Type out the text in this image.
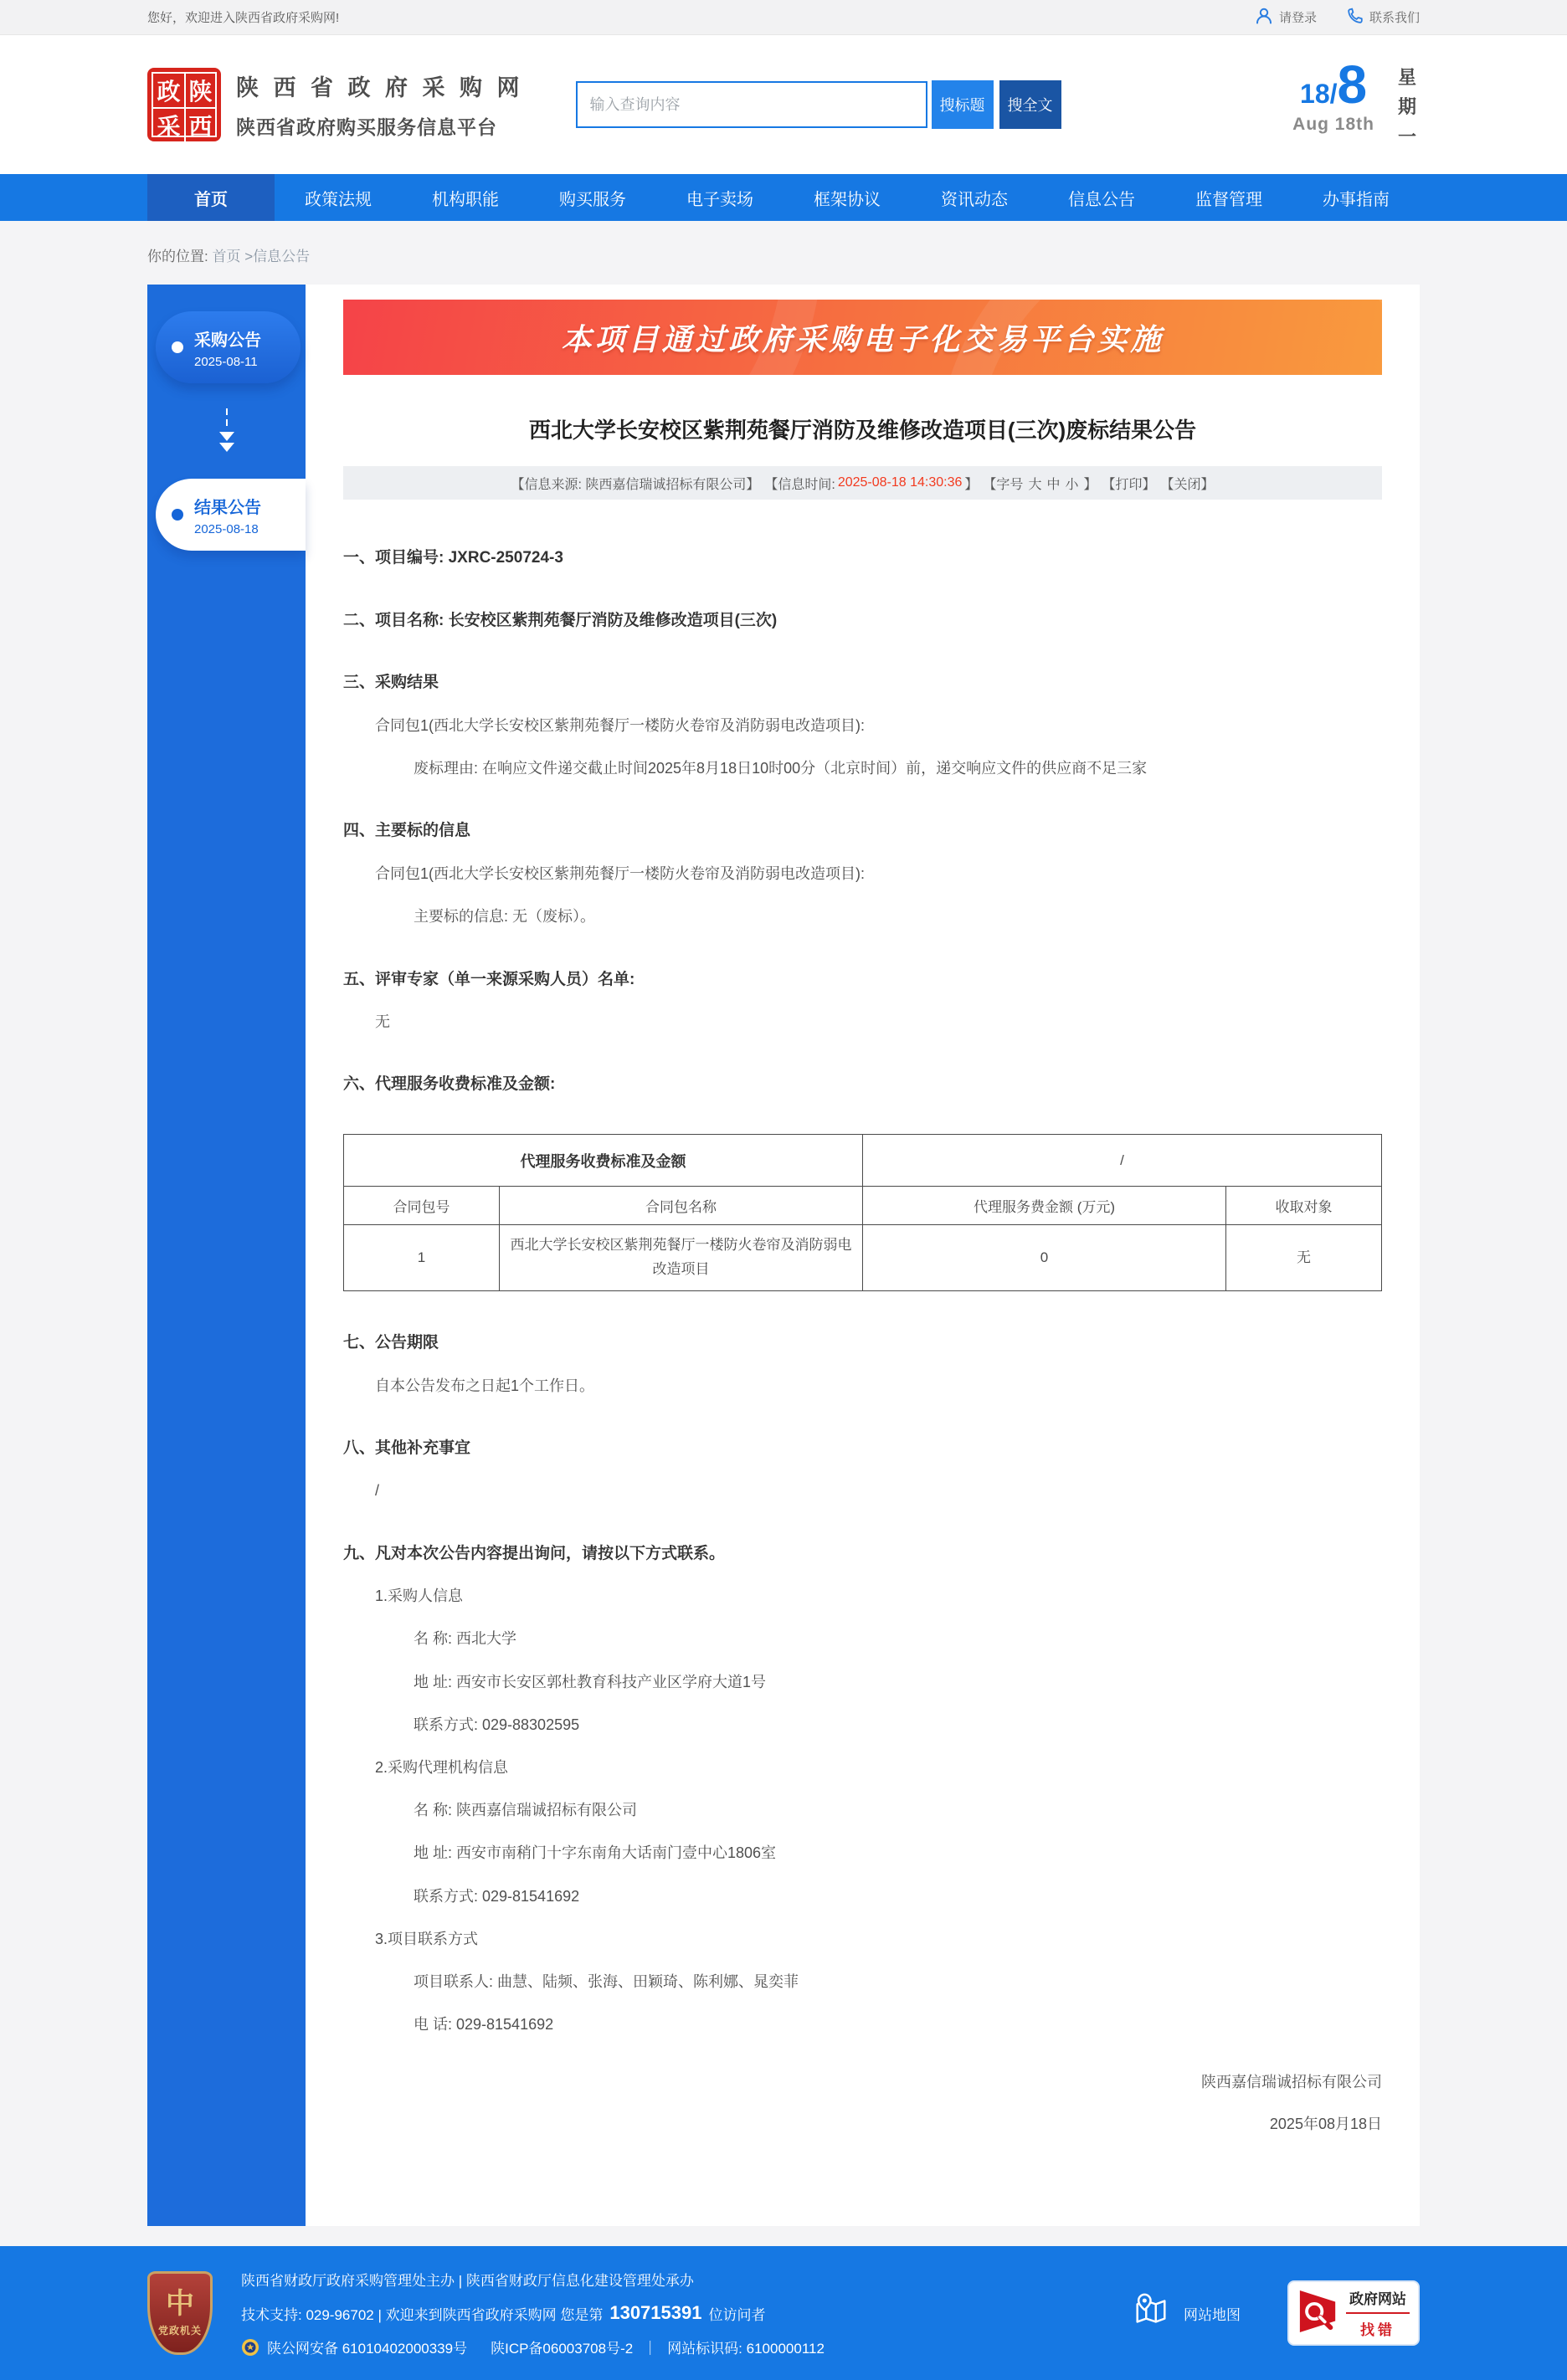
您好，欢迎进入陕西省政府采购网!	请登录	联系我们
政 陕
采 西
陕 西 省 政 府 采 购 网
陕西省政府购买服务信息平台
输入查询内容
搜标题	搜全文	18 / 8
Aug 18th
星期一
首页	政策法规	机构职能	购买服务	电子卖场	框架协议	资讯动态	信息公告	监督管理	办事指南
你的位置: 首页 >信息公告
采购公告
2025-08-11
结果公告
2025-08-18
本项目通过政府采购电子化交易平台实施
西北大学长安校区紫荆苑餐厅消防及维修改造项目(三次)废标结果公告
【信息来源: 陕西嘉信瑞诚招标有限公司】 【信息时间: 2025-08-18 14:30:36 】 【字号 大 中 小 】 【打印】 【关闭】
一、项目编号: JXRC-250724-3
二、项目名称: 长安校区紫荆苑餐厅消防及维修改造项目(三次)
三、采购结果
合同包1(西北大学长安校区紫荆苑餐厅一楼防火卷帘及消防弱电改造项目):
废标理由: 在响应文件递交截止时间2025年8月18日10时00分（北京时间）前，递交响应文件的供应商不足三家
四、主要标的信息
合同包1(西北大学长安校区紫荆苑餐厅一楼防火卷帘及消防弱电改造项目):
主要标的信息: 无（废标）。
五、评审专家（单一来源采购人员）名单:
无
六、代理服务收费标准及金额:
代理服务收费标准及金额		/	
合同包号	合同包名称	代理服务费金额 (万元)	收取对象
1	西北大学长安校区紫荆苑餐厅一楼防火卷帘及消防弱电改造项目	0	无
七、公告期限
自本公告发布之日起1个工作日。
八、其他补充事宜
/
九、凡对本次公告内容提出询问，请按以下方式联系。
1.采购人信息
名 称: 西北大学
地 址: 西安市长安区郭杜教育科技产业区学府大道1号
联系方式: 029-88302595
2.采购代理机构信息
名 称: 陕西嘉信瑞诚招标有限公司
地 址: 西安市南稍门十字东南角大话南门壹中心1806室
联系方式: 029-81541692
3.项目联系方式
项目联系人: 曲慧、陆频、张海、田颖琦、陈利娜、晁奕菲
电 话: 029-81541692
陕西嘉信瑞诚招标有限公司
2025年08月18日
中
党政机关
陕西省财政厅政府采购管理处主办 | 陕西省财政厅信息化建设管理处承办
技术支持: 029-96702 | 欢迎来到陕西省政府采购网 您是第 130715391 位访问者
陕公网安备 61010402000339号 陕ICP备06003708号-2 ｜ 网站标识码: 6100000112
网站地图
政府网站
找错
